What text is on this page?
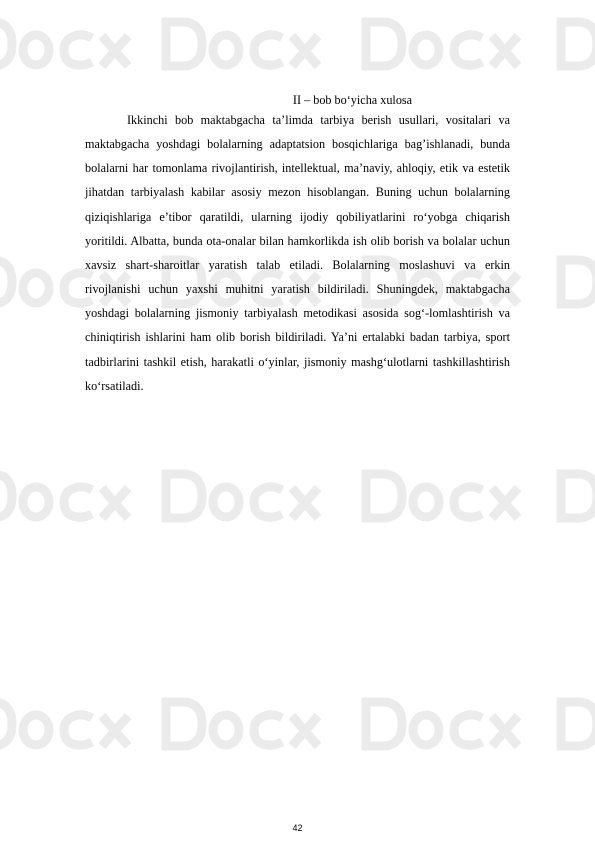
II – bob bo‘yicha xulosa

Ikkinchi bob maktabgacha ta’limda tarbiya berish usullari, vositalari va maktabgacha yoshdagi bolalarning adaptatsion bosqichlariga bag’ishlanadi, bunda bolalarni har tomonlama rivojlantirish, intellektual, ma’naviy, ahloqiy, etik va estetik jihatdan tarbiyalash kabilar asosiy mezon hisoblangan. Buning uchun bolalarning qiziqishlariga e’tibor qaratildi, ularning ijodiy qobiliyatlarini ro‘yobga chiqarish yoritildi. Albatta, bunda ota-onalar bilan hamkorlikda ish olib borish va bolalar uchun xavsiz shart-sharoitlar yaratish talab etiladi. Bolalarning moslashuvi va erkin rivojlanishi uchun yaxshi muhitni yaratish bildiriladi. Shuningdek, maktabgacha yoshdagi bolalarning jismoniy tarbiyalash metodikasi asosida sog‘-lomlashtirish va chiniqtirish ishlarini ham olib borish bildiriladi. Ya’ni ertalabki badan tarbiya, sport tadbirlarini tashkil etish, harakatli o‘yinlar, jismoniy mashg‘ulotlarni tashkillashtirish ko‘rsatiladi.

42
